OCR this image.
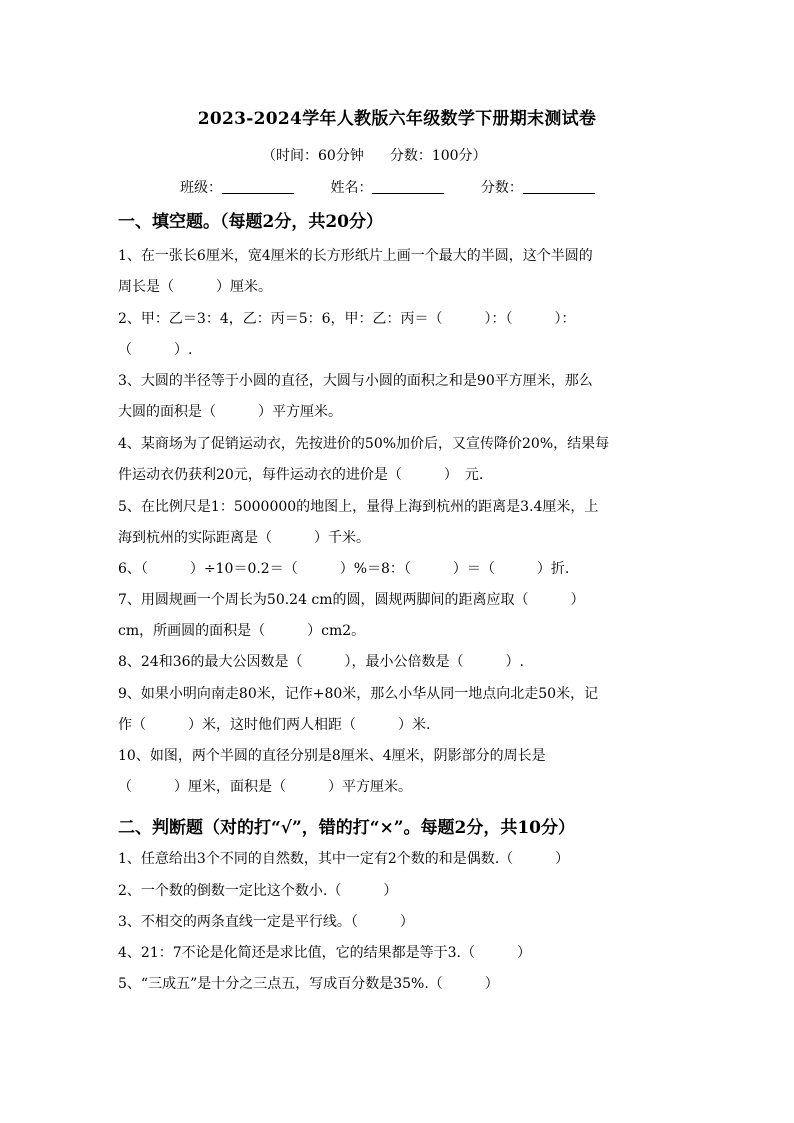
2023-2024学年人教版六年级数学下册期末测试卷
（时间：60分钟 分数：100分）
班级：	姓名：	分数：
一、填空题。（每题2分，共20分）
1、在一张长6厘米，宽4厘米的长方形纸片上画一个最大的半圆，这个半圆的
周长是（　　　）厘米。
2、甲：乙＝3：4，乙：丙＝5：6，甲：乙：丙＝（　　　）：（　　　）：
（　　　）.
3、大圆的半径等于小圆的直径，大圆与小圆的面积之和是90平方厘米，那么
大圆的面积是（　　　）平方厘米。
4、某商场为了促销运动衣，先按进价的50%加价后，又宣传降价20%，结果每
件运动衣仍获利20元，每件运动衣的进价是（　　　）　元.
5、在比例尺是1：5000000的地图上，量得上海到杭州的距离是3.4厘米，上
海到杭州的实际距离是（　　　）千米。
6、（　　　）÷10＝0.2＝（　　　）%＝8：（　　　）＝（　　　）折.
7、用圆规画一个周长为50.24 cm的圆，圆规两脚间的距离应取（　　　）
cm，所画圆的面积是（　　　）cm2。
8、24和36的最大公因数是（　　　），最小公倍数是（　　　）.
9、如果小明向南走80米，记作+80米，那么小华从同一地点向北走50米，记
作（　　　）米，这时他们两人相距（　　　）米.
10、如图，两个半圆的直径分别是8厘米、4厘米，阴影部分的周长是
（　　　）厘米，面积是（　　　）平方厘米。
二、判断题（对的打“√”，错的打“×”。每题2分，共10分）
1、任意给出3个不同的自然数，其中一定有2个数的和是偶数.（　　　）
2、一个数的倒数一定比这个数小.（　　　）
3、不相交的两条直线一定是平行线。（　　　）
4、21：7不论是化简还是求比值，它的结果都是等于3.（　　　）
5、“三成五”是十分之三点五，写成百分数是35%.（　　　）
